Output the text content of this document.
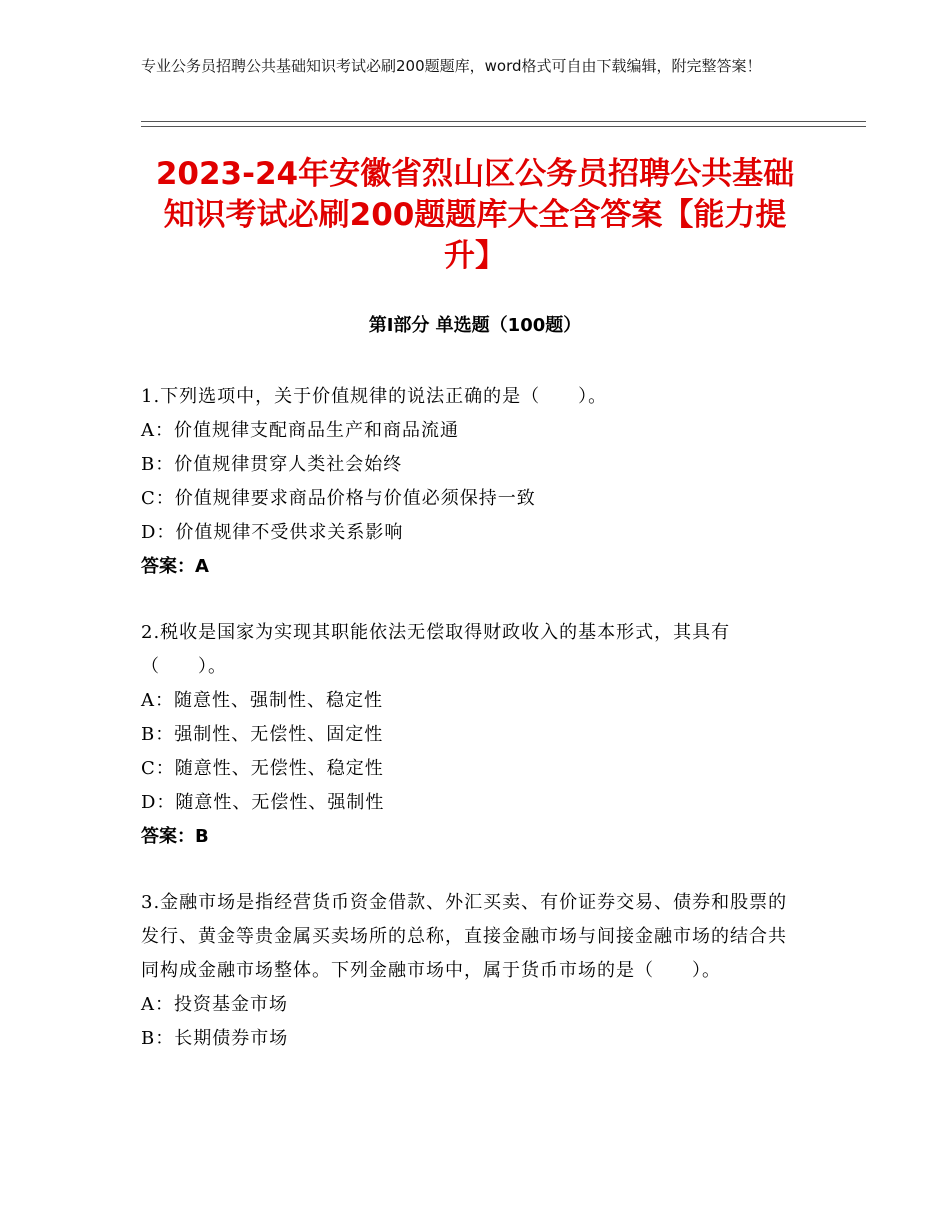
专业公务员招聘公共基础知识考试必刷200题题库，word格式可自由下载编辑，附完整答案！
2023-24年安徽省烈山区公务员招聘公共基础知识考试必刷200题题库大全含答案【能力提升】
第Ⅰ部分 单选题（100题）
1.下列选项中，关于价值规律的说法正确的是（　　）。
A：价值规律支配商品生产和商品流通
B：价值规律贯穿人类社会始终
C：价值规律要求商品价格与价值必须保持一致
D：价值规律不受供求关系影响
答案：A
2.税收是国家为实现其职能依法无偿取得财政收入的基本形式，其具有（　　）。
A：随意性、强制性、稳定性
B：强制性、无偿性、固定性
C：随意性、无偿性、稳定性
D：随意性、无偿性、强制性
答案：B
3.金融市场是指经营货币资金借款、外汇买卖、有价证券交易、债券和股票的发行、黄金等贵金属买卖场所的总称，直接金融市场与间接金融市场的结合共同构成金融市场整体。下列金融市场中，属于货币市场的是（　　）。
A：投资基金市场
B：长期债券市场
